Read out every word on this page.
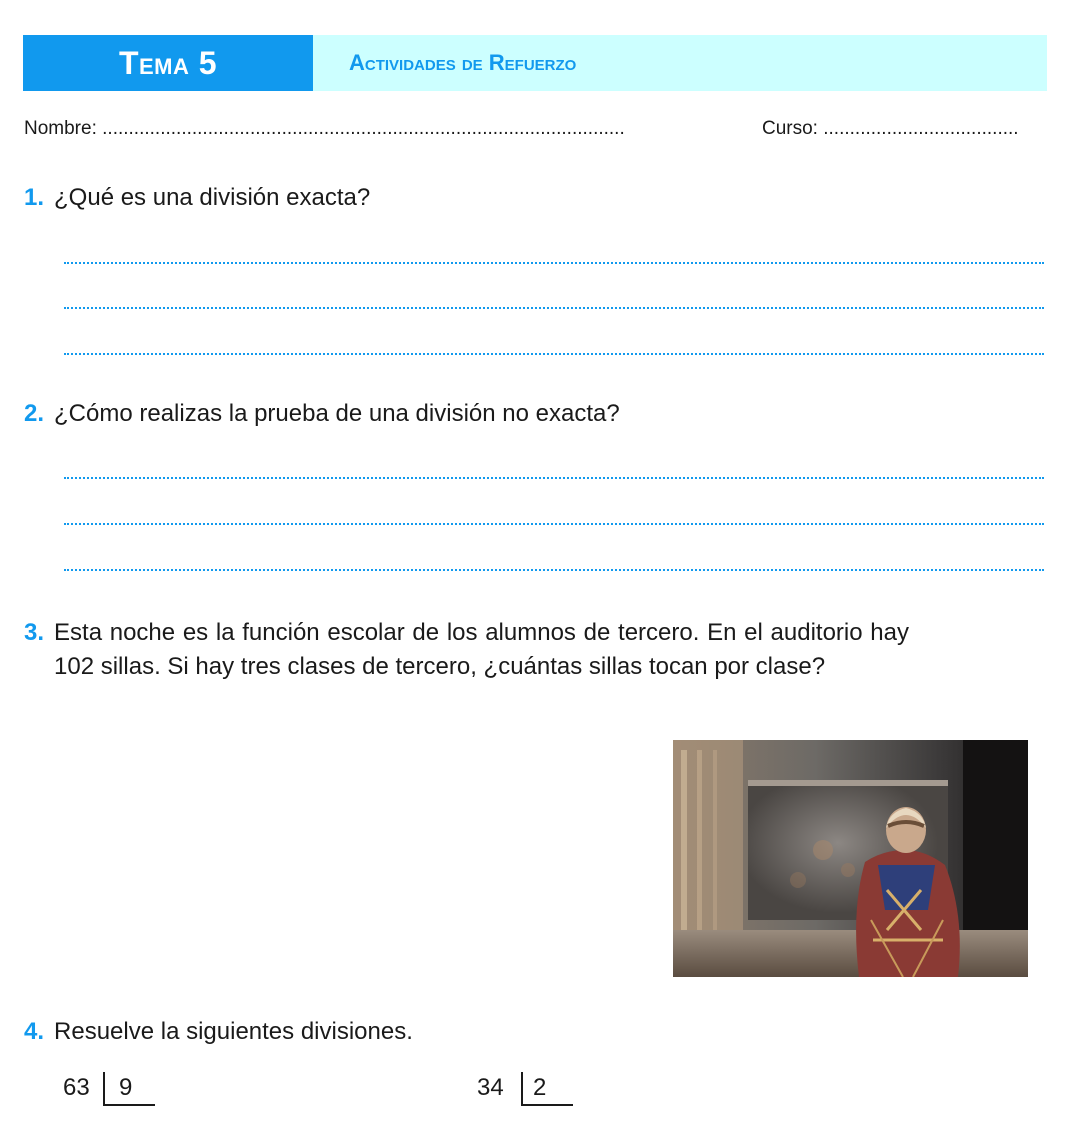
Tema 5	Actividades de Refuerzo
Nombre: ...................................................................................................	Curso: .....................................
1. ¿Qué es una división exacta?
2. ¿Cómo realizas la prueba de una división no exacta?
3. Esta noche es la función escolar de los alumnos de tercero. En el auditorio hay 102 sillas. Si hay tres clases de tercero, ¿cuántas sillas tocan por clase?
4. Resuelve la siguientes divisiones.
63 9	34 2
